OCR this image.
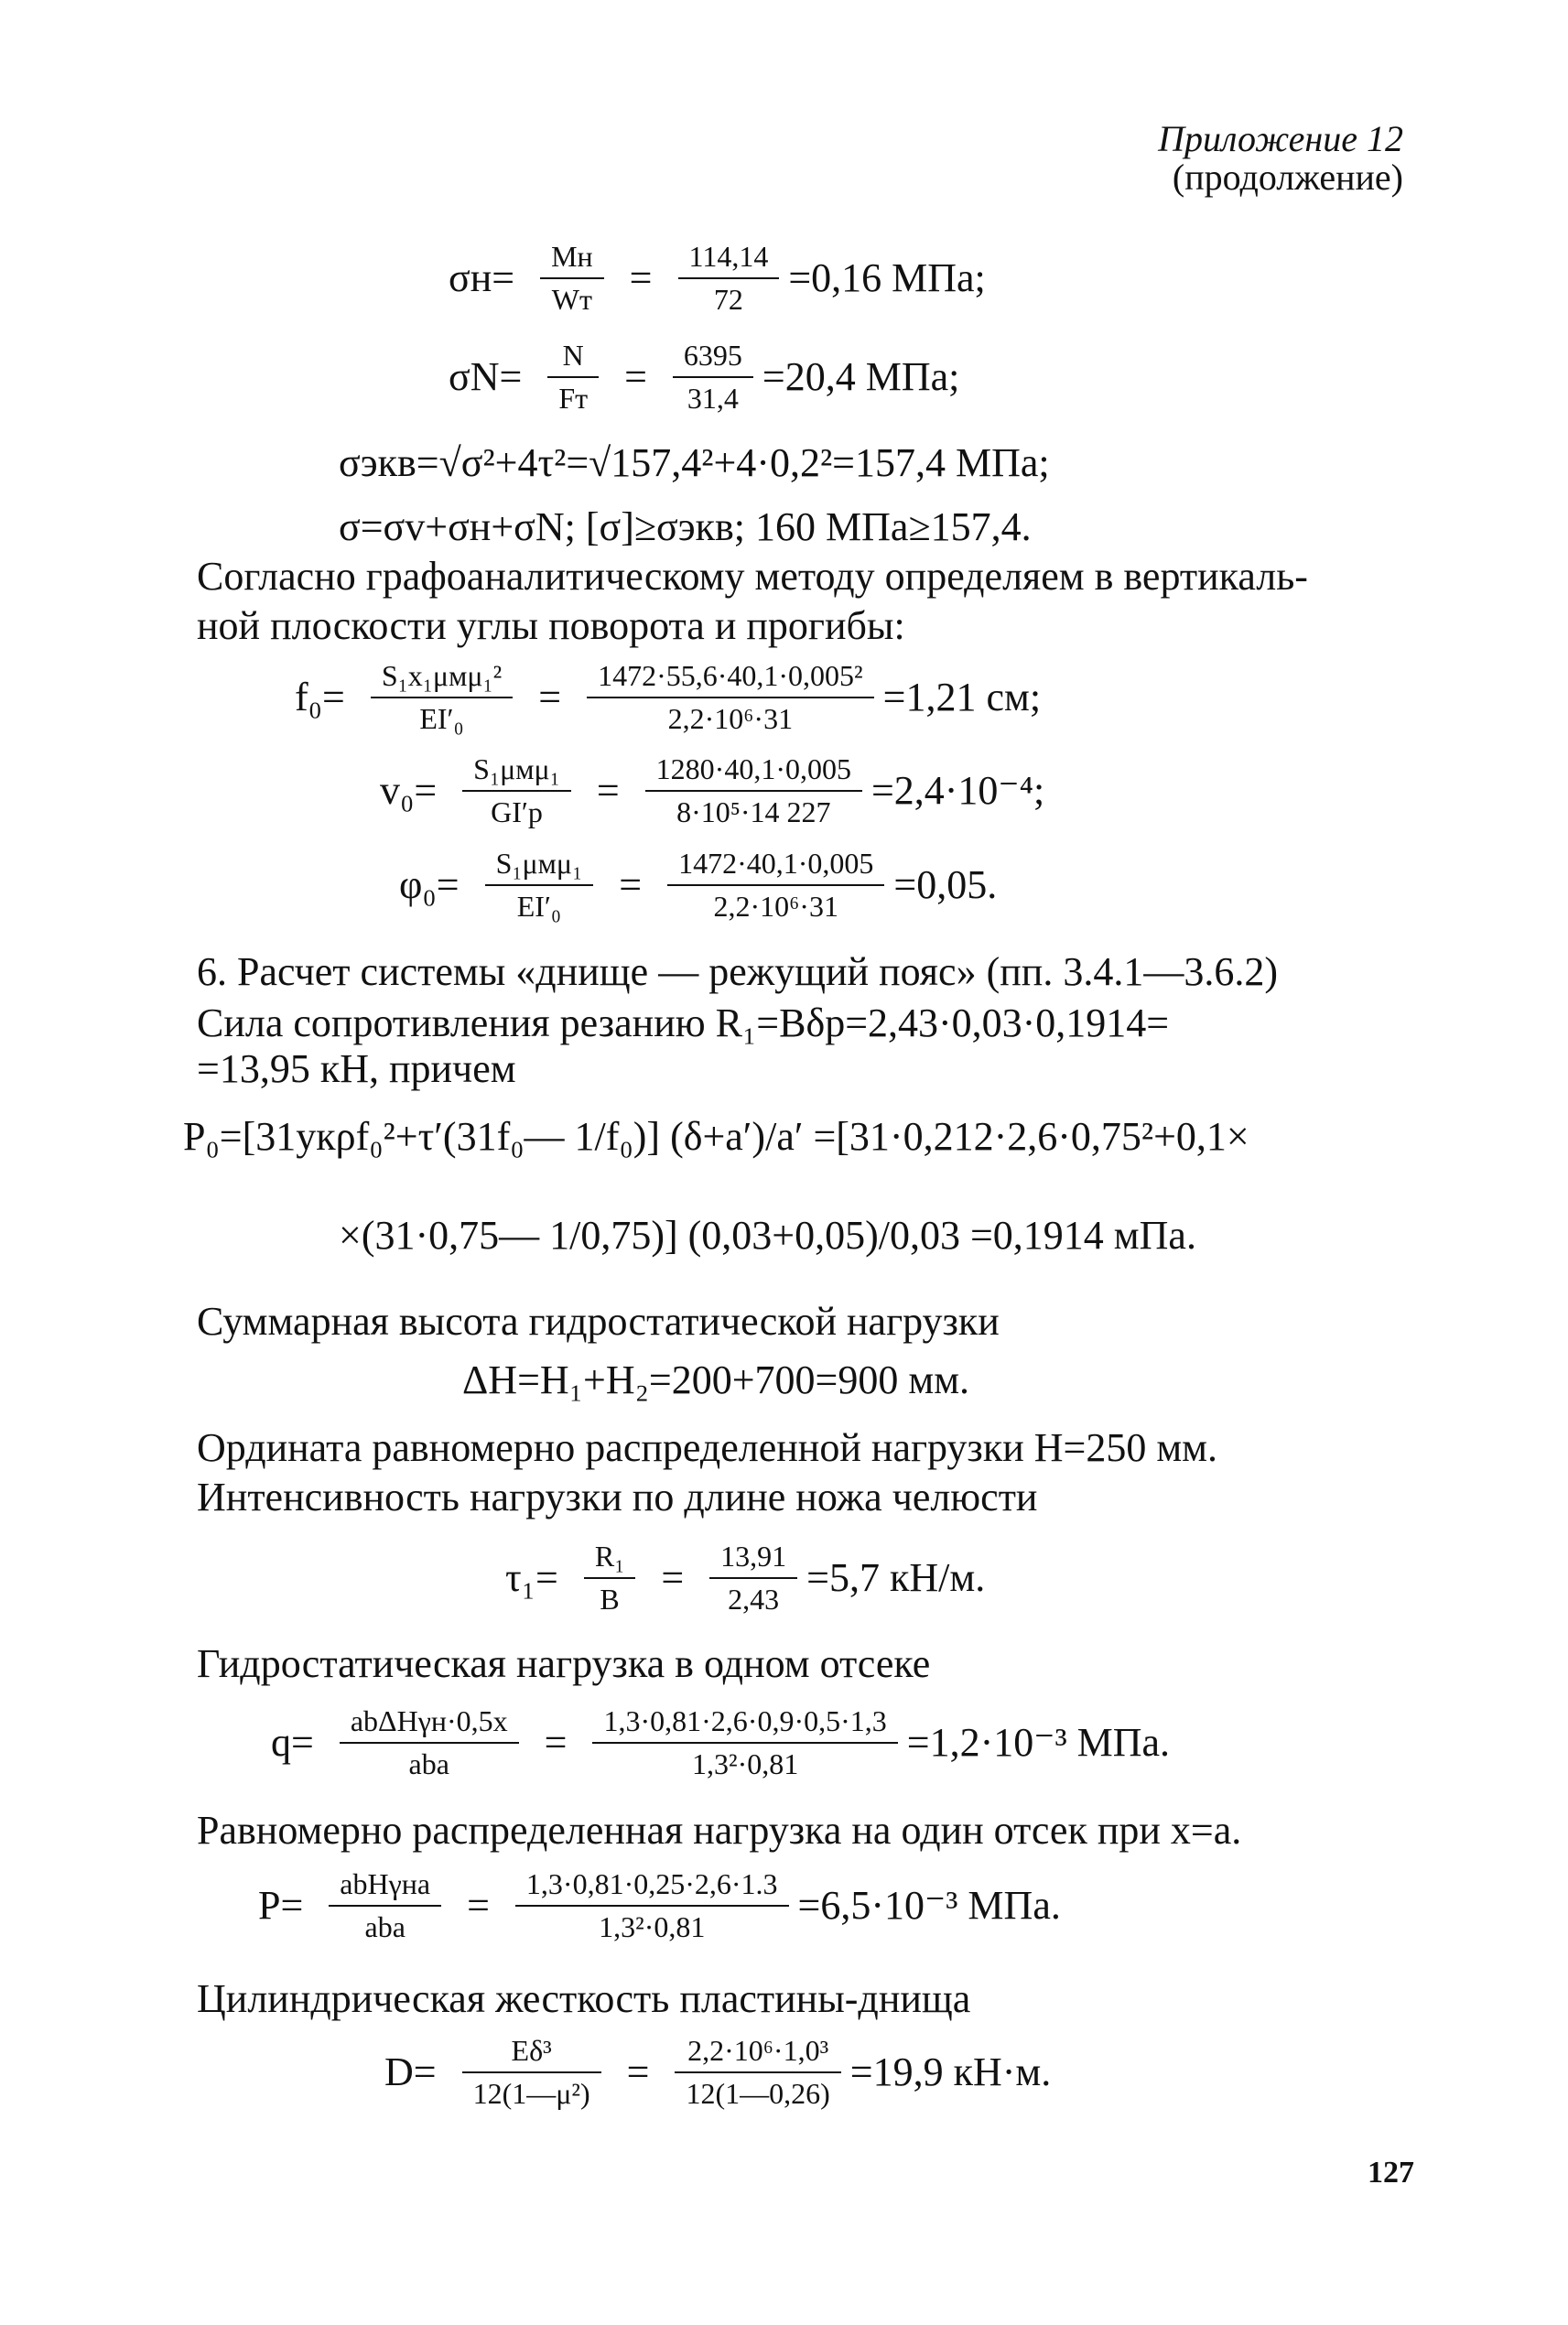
Приложение 12
(продолжение)
$\sigma н= \frac{Mн}{Wт} = \frac{114,14}{72} =0,16$ МПа;
$\sigma N= \frac{N}{Fт} = \frac{6395}{31,4} =20,4$ МПа;
σэкв=√σ²+4τ²=√157,4²+4·0,2²=157,4 МПа;
σ=σv+σн+σN; [σ]≥σэкв; 160 МПа≥157,4.
Согласно графоаналитическому методу определяем в вертикаль-
ной плоскости углы поворота и прогибы:
$f_0= \frac{\text{S₁x₁μмμ₁²}}{\text{EI′₀}} = \frac{\text{1472·55,6·40,1·0,005²}}{\text{2,2·10⁶·31}} =1,21$ см;
$v_0= \frac{\text{S₁μмμ₁}}{GI'p} = \frac{1280\cdot 40,1\cdot 0,005}{\text{8·10⁵·14 227}} =2,4\cdot 10^{-4}$;
$\varphi_0= \frac{\text{S₁μмμ₁}}{\text{EI′₀}} = \frac{1472\cdot 40,1\cdot 0,005}{\text{2,2·10⁶·31}} =0,05$.
6. Расчет системы «днище — режущий пояс» (пп. 3.4.1—3.6.2)
Сила сопротивления резанию R₁=Bδp=2,43·0,03·0,1914=
=13,95 кН, причем
P₀=[31yкρf₀²+τ′(31f₀— 1/f₀)] (δ+a′)/a′ =[31·0,212·2,6·0,75²+0,1×
×(31·0,75— 1/0,75)] (0,03+0,05)/0,03 =0,1914 мПа.
Суммарная высота гидростатической нагрузки
ΔH=H₁+H₂=200+700=900 мм.
Ордината равномерно распределенной нагрузки H=250 мм.
Интенсивность нагрузки по длине ножа челюсти
$\tau_1= \frac{\text{R₁}}{B} = \frac{13,91}{2,43} =5,7$ кН/м.
Гидростатическая нагрузка в одном отсеке
$q= \frac{\text{abΔHγн·0,5x}}{\text{aba}} = \frac{1,3\cdot 0,81\cdot 2,6\cdot 0,9\cdot 0,5\cdot 1,3}{\text{1,3²·0,81}} =1,2\cdot 10^{-3}$ МПа.
Равномерно распределенная нагрузка на один отсек при x=a.
$P= \frac{\text{abHγнa}}{\text{aba}} = \frac{1,3\cdot 0,81\cdot 0,25\cdot 2,6\cdot 1.3}{\text{1,3²·0,81}} =6,5\cdot 10^{-3}$ МПа.
Цилиндрическая жесткость пластины-днища
$D= \frac{\text{Eδ³}}{\text{12(1—μ²)}} = \frac{\text{2,2·10⁶·1,0³}}{12(1—0,26)} =19,9$ кН·м.
127
